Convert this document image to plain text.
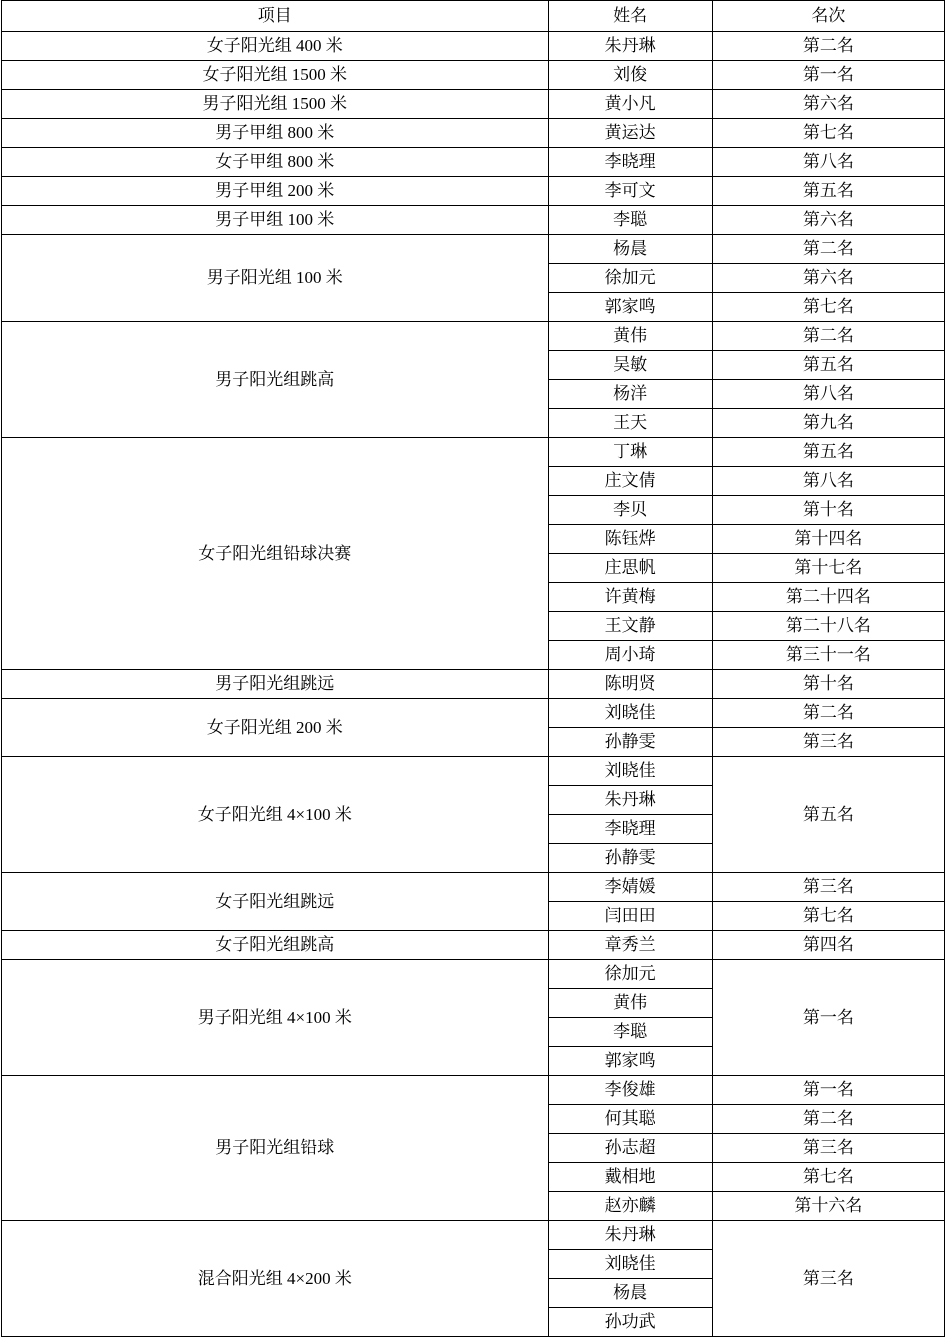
项目	姓名	名次
女子阳光组 400 米	朱丹琳	第二名
女子阳光组 1500 米	刘俊	第一名
男子阳光组 1500 米	黄小凡	第六名
男子甲组 800 米	黄运达	第七名
女子甲组 800 米	李晓理	第八名
男子甲组 200 米	李可文	第五名
男子甲组 100 米	李聪	第六名
男子阳光组 100 米	杨晨	第二名
	徐加元	第六名
	郭家鸣	第七名
男子阳光组跳高	黄伟	第二名
	吴敏	第五名
	杨洋	第八名
	王天	第九名
女子阳光组铅球决赛	丁琳	第五名
	庄文倩	第八名
	李贝	第十名
	陈钰烨	第十四名
	庄思帆	第十七名
	许黄梅	第二十四名
	王文静	第二十八名
	周小琦	第三十一名
男子阳光组跳远	陈明贤	第十名
女子阳光组 200 米	刘晓佳	第二名
	孙静雯	第三名
女子阳光组 4×100 米	刘晓佳	第五名
	朱丹琳	
	李晓理	
	孙静雯	
女子阳光组跳远	李婧媛	第三名
	闫田田	第七名
女子阳光组跳高	章秀兰	第四名
男子阳光组 4×100 米	徐加元	第一名
	黄伟	
	李聪	
	郭家鸣	
男子阳光组铅球	李俊雄	第一名
	何其聪	第二名
	孙志超	第三名
	戴相地	第七名
	赵亦麟	第十六名
混合阳光组 4×200 米	朱丹琳	第三名
	刘晓佳	
	杨晨	
	孙功武	
